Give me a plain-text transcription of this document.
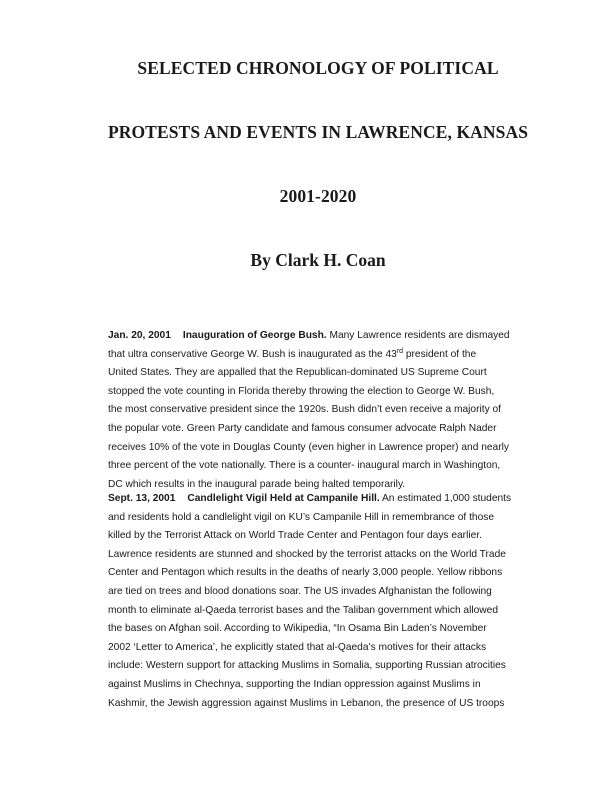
SELECTED CHRONOLOGY OF POLITICAL
PROTESTS AND EVENTS IN LAWRENCE, KANSAS
2001-2020
By Clark H. Coan
Jan. 20, 2001 Inauguration of George Bush. Many Lawrence residents are dismayed
that ultra conservative George W. Bush is inaugurated as the 43rd president of the
United States. They are appalled that the Republican-dominated US Supreme Court
stopped the vote counting in Florida thereby throwing the election to George W. Bush,
the most conservative president since the 1920s. Bush didn’t even receive a majority of
the popular vote. Green Party candidate and famous consumer advocate Ralph Nader
receives 10% of the vote in Douglas County (even higher in Lawrence proper) and nearly
three percent of the vote nationally. There is a counter- inaugural march in Washington,
DC which results in the inaugural parade being halted temporarily.
Sept. 13, 2001 Candlelight Vigil Held at Campanile Hill. An estimated 1,000 students
and residents hold a candlelight vigil on KU’s Campanile Hill in remembrance of those
killed by the Terrorist Attack on World Trade Center and Pentagon four days earlier.
Lawrence residents are stunned and shocked by the terrorist attacks on the World Trade
Center and Pentagon which results in the deaths of nearly 3,000 people. Yellow ribbons
are tied on trees and blood donations soar. The US invades Afghanistan the following
month to eliminate al-Qaeda terrorist bases and the Taliban government which allowed
the bases on Afghan soil. According to Wikipedia, “In Osama Bin Laden’s November
2002 ‘Letter to America’, he explicitly stated that al-Qaeda’s motives for their attacks
include: Western support for attacking Muslims in Somalia, supporting Russian atrocities
against Muslims in Chechnya, supporting the Indian oppression against Muslims in
Kashmir, the Jewish aggression against Muslims in Lebanon, the presence of US troops
